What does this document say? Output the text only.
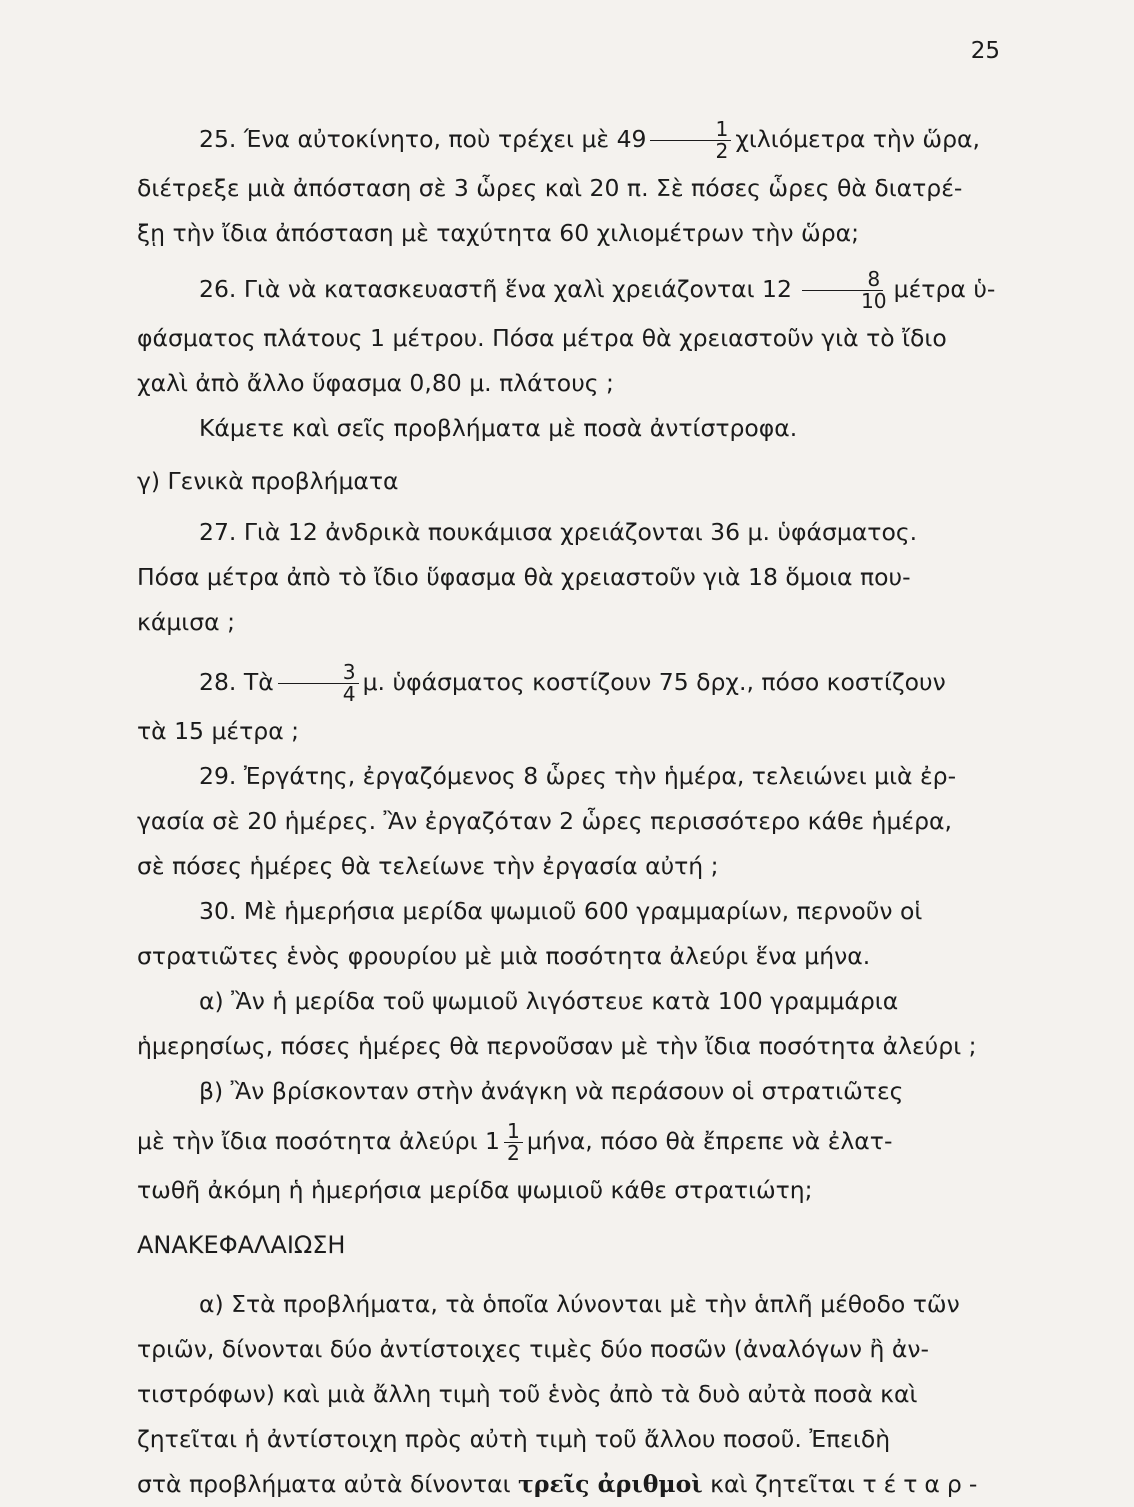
25

25. Ένα αὐτοκίνητο, ποὺ τρέχει μὲ $49 \frac{1}{2}$ χιλιόμετρα τὴν ὥρα,

διέτρεξε μιὰ ἀπόσταση σὲ 3 ὧρες καὶ 20 π. Σὲ πόσες ὧρες θὰ διατρέ-

ξῃ τὴν ἴδια ἀπόσταση μὲ ταχύτητα 60 χιλιομέτρων τὴν ὥρα;

26. Γιὰ νὰ κατασκευαστῆ ἕνα χαλὶ χρειάζονται $12 \frac{8}{10}$ μέτρα ὑ-

φάσματος πλάτους 1 μέτρου. Πόσα μέτρα θὰ χρειαστοῦν γιὰ τὸ ἴδιο

χαλὶ ἀπὸ ἄλλο ὕφασμα 0,80 μ. πλάτους ;

Κάμετε καὶ σεῖς προβλήματα μὲ ποσὰ ἀντίστροφα.

γ) Γενικὰ προβλήματα

27. Γιὰ 12 ἀνδρικὰ πουκάμισα χρειάζονται 36 μ. ὑφάσματος.

Πόσα μέτρα ἀπὸ τὸ ἴδιο ὕφασμα θὰ χρειαστοῦν γιὰ 18 ὅμοια που-

κάμισα ;

28. Τὰ $\frac{3}{4} \mu$. ὑφάσματος κοστίζουν 75 δρχ., πόσο κοστίζουν

τὰ 15 μέτρα ;

29. Ἐργάτης, ἐργαζόμενος 8 ὧρες τὴν ἡμέρα, τελειώνει μιὰ ἐρ-

γασία σὲ 20 ἡμέρες. Ἂν ἐργαζόταν 2 ὧρες περισσότερο κάθε ἡμέρα,

σὲ πόσες ἡμέρες θὰ τελείωνε τὴν ἐργασία αὐτή ;

30. Μὲ ἡμερήσια μερίδα ψωμιοῦ 600 γραμμαρίων, περνοῦν οἱ

στρατιῶτες ἑνὸς φρουρίου μὲ μιὰ ποσότητα ἀλεύρι ἕνα μήνα.

α) Ἂν ἡ μερίδα τοῦ ψωμιοῦ λιγόστευε κατὰ 100 γραμμάρια

ἡμερησίως, πόσες ἡμέρες θὰ περνοῦσαν μὲ τὴν ἴδια ποσότητα ἀλεύρι ;

β) Ἂν βρίσκονταν στὴν ἀνάγκη νὰ περάσουν οἱ στρατιῶτες

μὲ τὴν ἴδια ποσότητα ἀλεύρι $1 \frac{1}{2} \mu ή\nu\alpha$, πόσο θὰ ἔπρεπε νὰ ἐλατ-

τωθῆ ἀκόμη ἡ ἡμερήσια μερίδα ψωμιοῦ κάθε στρατιώτη;

ΑΝΑΚΕΦΑΛΑΙΩΣΗ

α) Στὰ προβλήματα, τὰ ὁποῖα λύνονται μὲ τὴν ἁπλῆ μέθοδο τῶν

τριῶν, δίνονται δύο ἀντίστοιχες τιμὲς δύο ποσῶν (ἀναλόγων ἢ ἀν-

τιστρόφων) καὶ μιὰ ἄλλη τιμὴ τοῦ ἑνὸς ἀπὸ τὰ δυὸ αὐτὰ ποσὰ καὶ

ζητεῖται ἡ ἀντίστοιχη πρὸς αὐτὴ τιμὴ τοῦ ἄλλου ποσοῦ. Ἐπειδὴ

στὰ προβλήματα αὐτὰ δίνονται τρεῖς ἀριθμοὶ καὶ ζητεῖται τέταρ-
